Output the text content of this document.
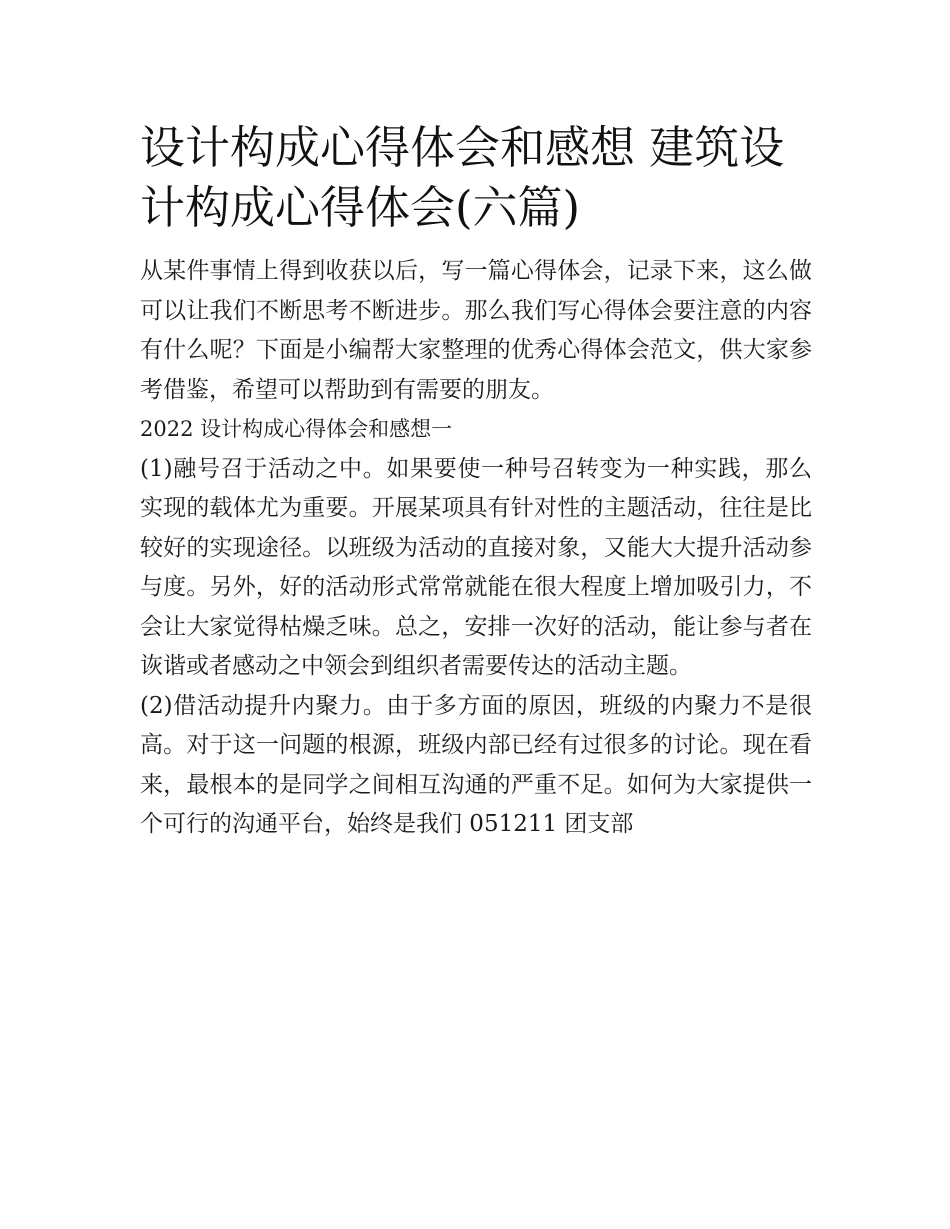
设计构成心得体会和感想 建筑设计构成心得体会(六篇)

从某件事情上得到收获以后，写一篇心得体会，记录下来，这么做可以让我们不断思考不断进步。那么我们写心得体会要注意的内容有什么呢？下面是小编帮大家整理的优秀心得体会范文，供大家参考借鉴，希望可以帮助到有需要的朋友。

2022 设计构成心得体会和感想一

(1)融号召于活动之中。如果要使一种号召转变为一种实践，那么实现的载体尤为重要。开展某项具有针对性的主题活动，往往是比较好的实现途径。以班级为活动的直接对象，又能大大提升活动参与度。另外，好的活动形式常常就能在很大程度上增加吸引力，不会让大家觉得枯燥乏味。总之，安排一次好的活动，能让参与者在诙谐或者感动之中领会到组织者需要传达的活动主题。

(2)借活动提升内聚力。由于多方面的原因，班级的内聚力不是很高。对于这一问题的根源，班级内部已经有过很多的讨论。现在看来，最根本的是同学之间相互沟通的严重不足。如何为大家提供一个可行的沟通平台，始终是我们 051211 团支部
